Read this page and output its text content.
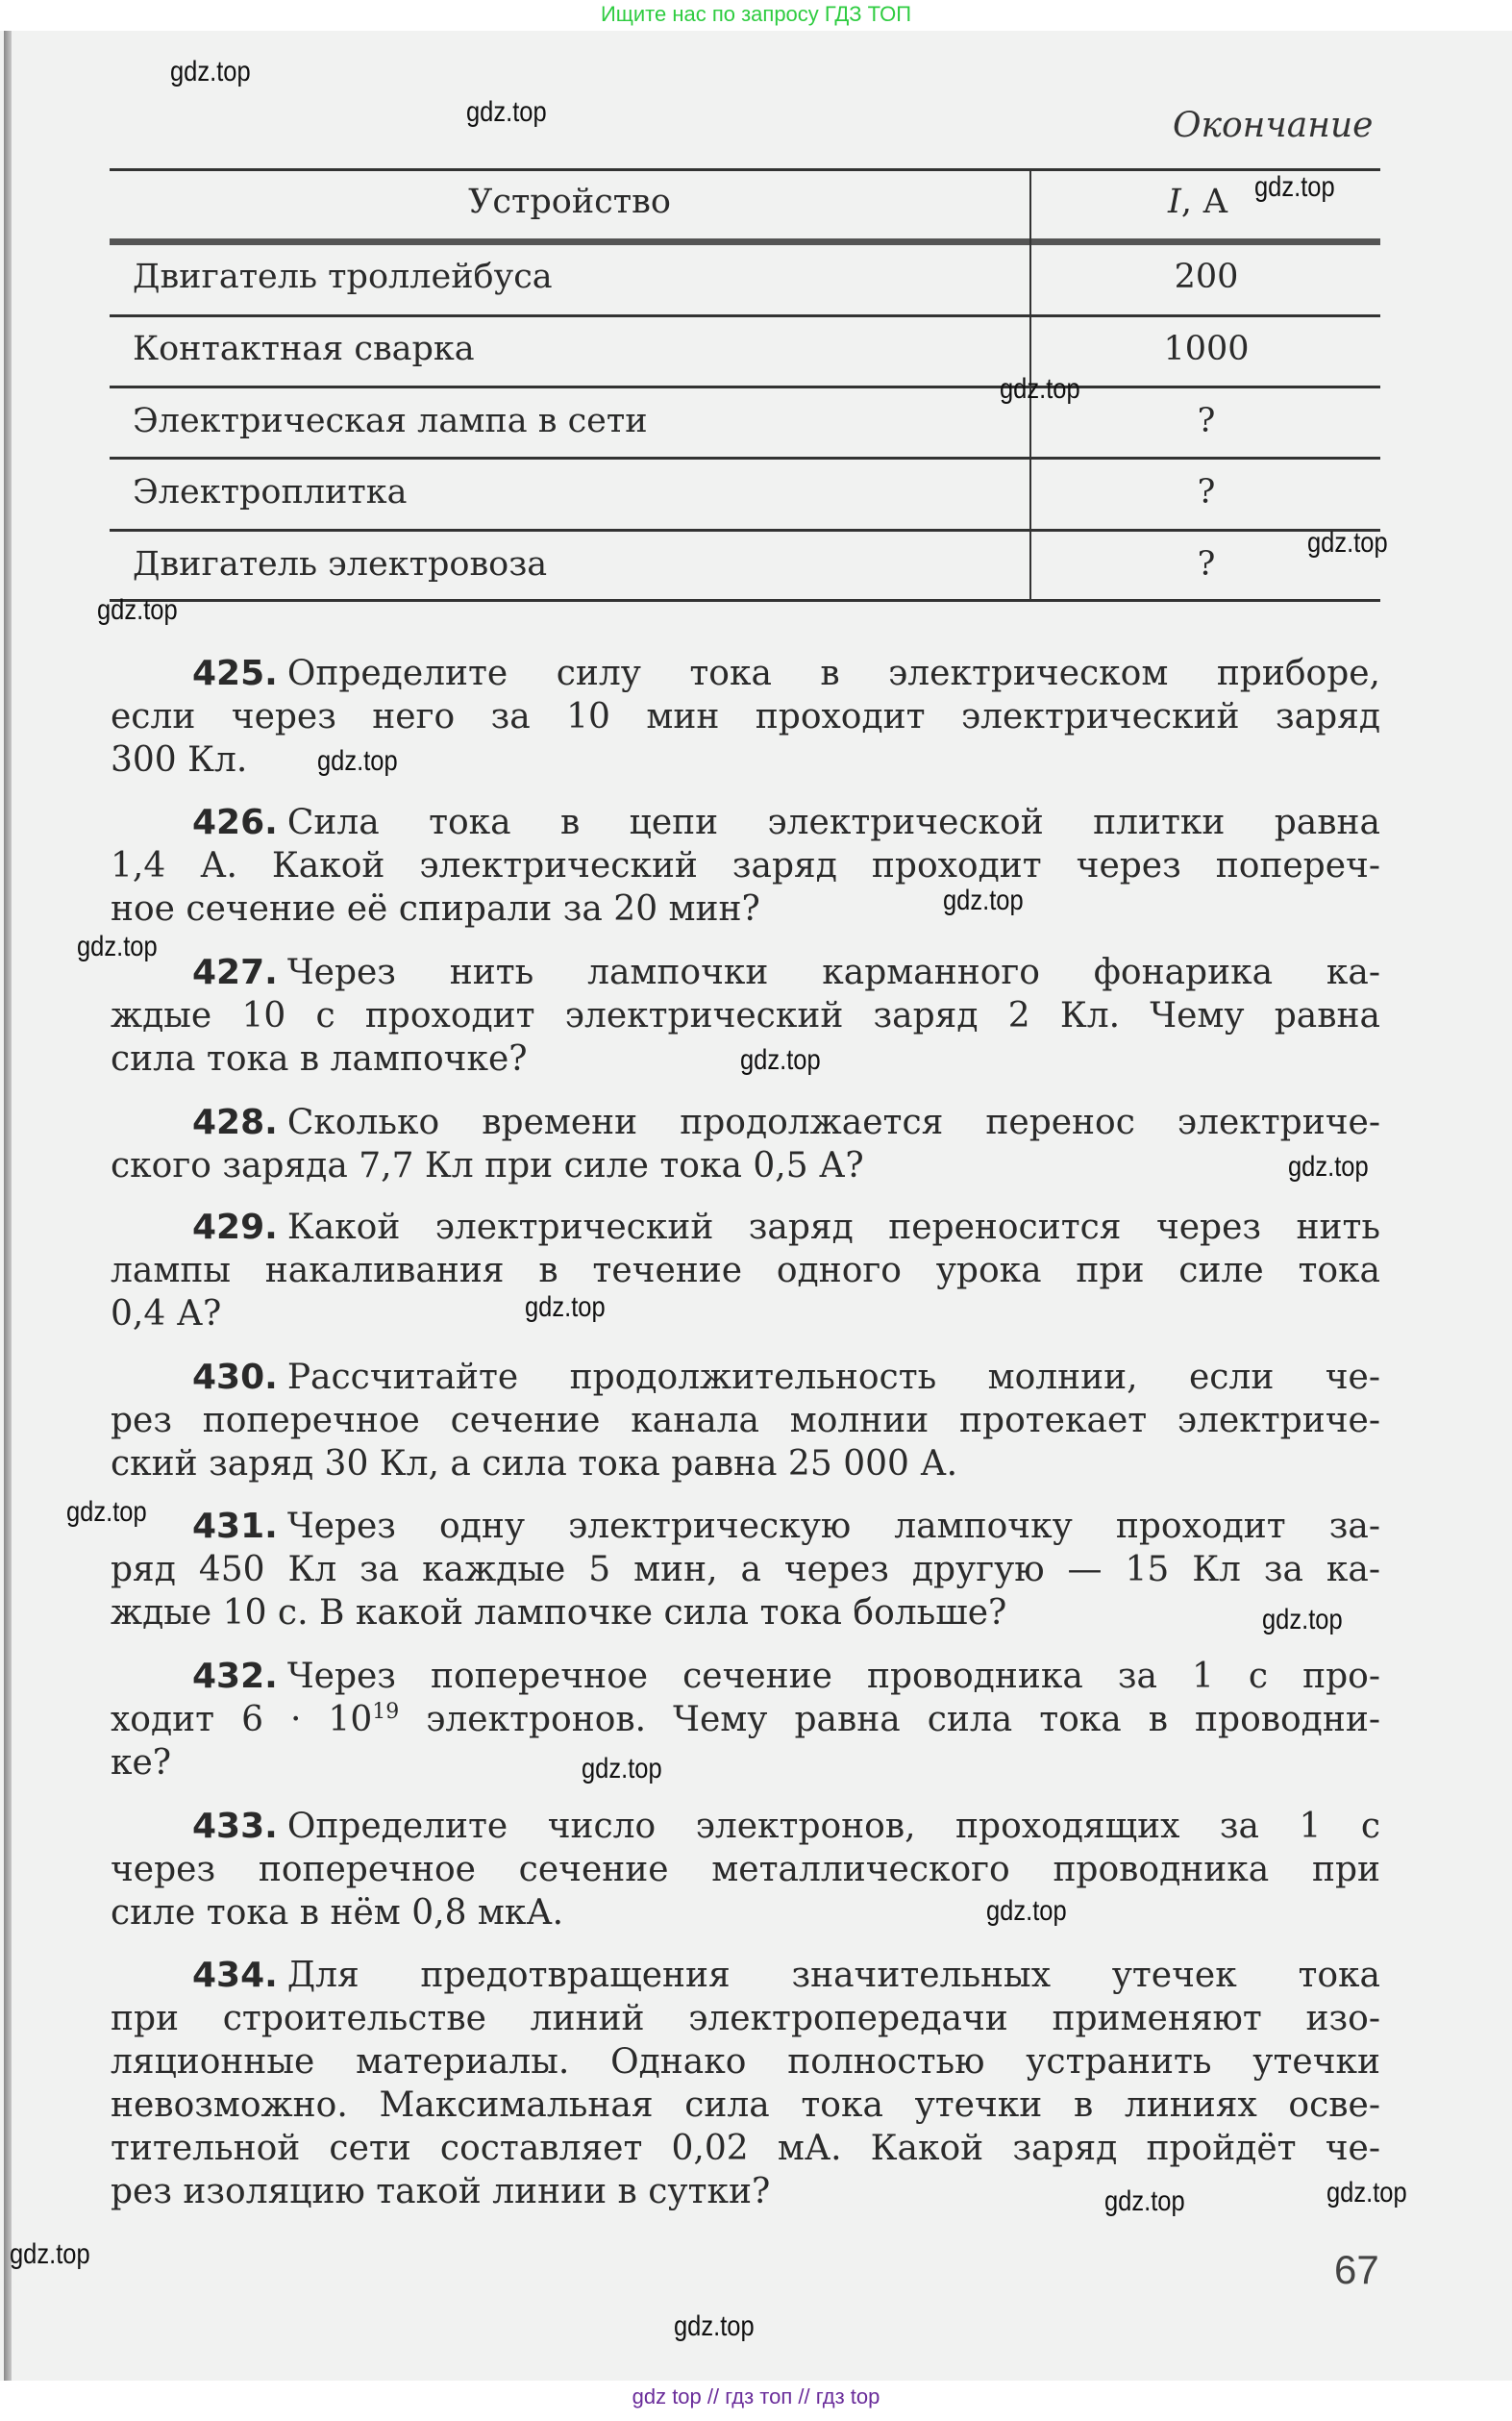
Ищите нас по запросу ГДЗ ТОП
Окончание
Устройство	I, А
Двигатель троллейбуса	200
Контактная сварка	1000
Электрическая лампа в сети	?
Электроплитка	?
Двигатель электровоза	?
425. Определите силу тока в электрическом приборе,
если через него за 10 мин проходит электрический заряд
300 Кл.
426. Сила тока в цепи электрической плитки равна
1,4 А. Какой электрический заряд проходит через попереч-
ное сечение её спирали за 20 мин?
427. Через нить лампочки карманного фонарика ка-
ждые 10 с проходит электрический заряд 2 Кл. Чему равна
сила тока в лампочке?
428. Сколько времени продолжается перенос электриче-
ского заряда 7,7 Кл при силе тока 0,5 А?
429. Какой электрический заряд переносится через нить
лампы накаливания в течение одного урока при силе тока
0,4 А?
430. Рассчитайте продолжительность молнии, если че-
рез поперечное сечение канала молнии протекает электриче-
ский заряд 30 Кл, а сила тока равна 25 000 А.
431. Через одну электрическую лампочку проходит за-
ряд 450 Кл за каждые 5 мин, а через другую — 15 Кл за ка-
ждые 10 с. В какой лампочке сила тока больше?
432. Через поперечное сечение проводника за 1 с про-
ходит $6 \cdot 10^{19}$ электронов. Чему равна сила тока в проводни-
ке?
433. Определите число электронов, проходящих за 1 с
через поперечное сечение металлического проводника при
силе тока в нём 0,8 мкА.
434. Для предотвращения значительных утечек тока
при строительстве линий электропередачи применяют изо-
ляционные материалы. Однако полностью устранить утечки
невозможно. Максимальная сила тока утечки в линиях осве-
тительной сети составляет 0,02 мА. Какой заряд пройдёт че-
рез изоляцию такой линии в сутки?
67
gdz.top
gdz.top
gdz.top
gdz.top
gdz.top
gdz.top
gdz.top
gdz.top
gdz.top
gdz.top
gdz.top
gdz.top
gdz.top
gdz.top
gdz.top
gdz.top
gdz.top
gdz.top
gdz.top
gdz.top
gdz top // гдз топ // гдз top
